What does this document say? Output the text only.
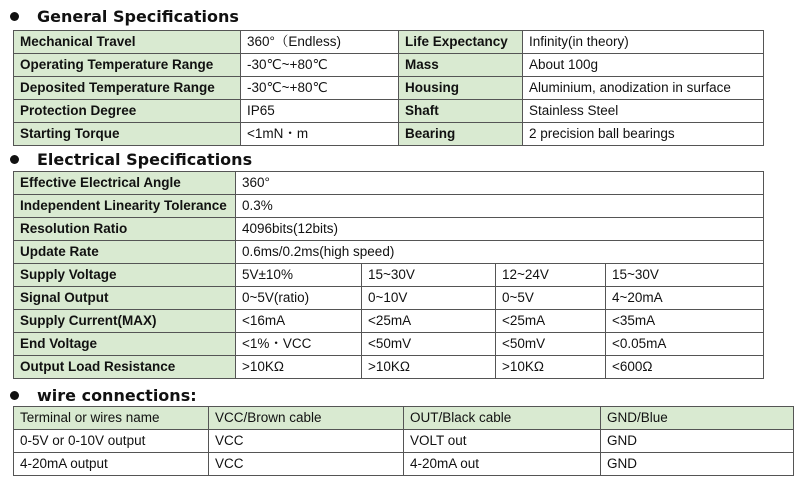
General Specifications
Mechanical Travel	360°（Endless)	Life Expectancy	Infinity(in theory)
Operating Temperature Range	-30℃~+80℃	Mass	About 100g
Deposited Temperature Range	-30℃~+80℃	Housing	Aluminium, anodization in surface
Protection Degree	IP65	Shaft	Stainless Steel
Starting Torque	<1mN・m	Bearing	2 precision ball bearings
Electrical Specifications
Effective Electrical Angle	360°			
Independent Linearity Tolerance	0.3%			
Resolution Ratio	4096bits(12bits)			
Update Rate	0.6ms/0.2ms(high speed)			
Supply Voltage	5V±10%	15~30V	12~24V	15~30V
Signal Output	0~5V(ratio)	0~10V	0~5V	4~20mA
Supply Current(MAX)	<16mA	<25mA	<25mA	<35mA
End Voltage	<1%・VCC	<50mV	<50mV	<0.05mA
Output Load Resistance	>10KΩ	>10KΩ	>10KΩ	<600Ω
wire connections:
Terminal or wires name	VCC/Brown cable	OUT/Black cable	GND/Blue
0-5V or 0-10V output	VCC	VOLT out	GND
4-20mA output	VCC	4-20mA out	GND
